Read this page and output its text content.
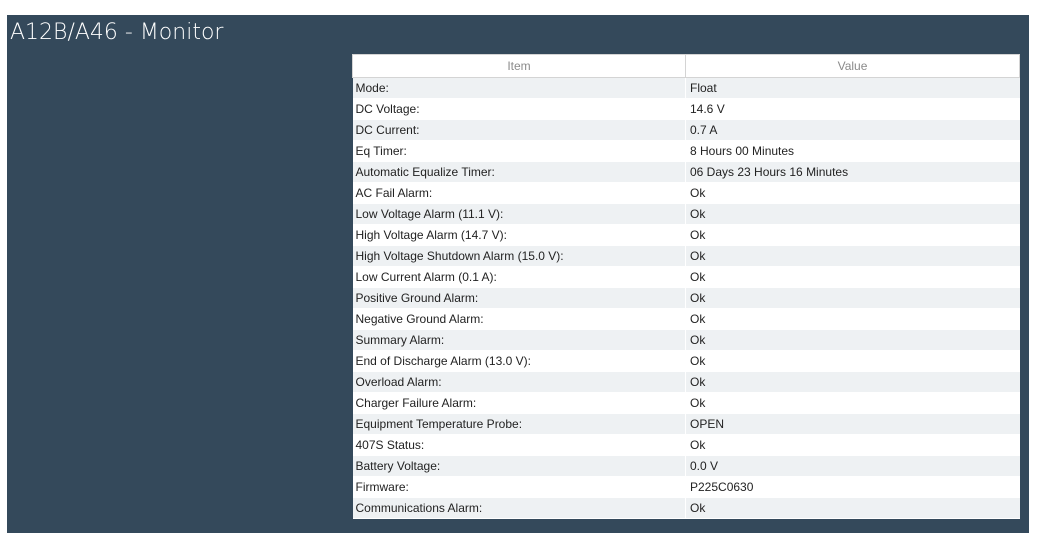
A12B/A46 - Monitor
Item	Value
Mode:	Float
DC Voltage:	14.6 V
DC Current:	0.7 A
Eq Timer:	8 Hours 00 Minutes
Automatic Equalize Timer:	06 Days 23 Hours 16 Minutes
AC Fail Alarm:	Ok
Low Voltage Alarm (11.1 V):	Ok
High Voltage Alarm (14.7 V):	Ok
High Voltage Shutdown Alarm (15.0 V):	Ok
Low Current Alarm (0.1 A):	Ok
Positive Ground Alarm:	Ok
Negative Ground Alarm:	Ok
Summary Alarm:	Ok
End of Discharge Alarm (13.0 V):	Ok
Overload Alarm:	Ok
Charger Failure Alarm:	Ok
Equipment Temperature Probe:	OPEN
407S Status:	Ok
Battery Voltage:	0.0 V
Firmware:	P225C0630
Communications Alarm:	Ok
